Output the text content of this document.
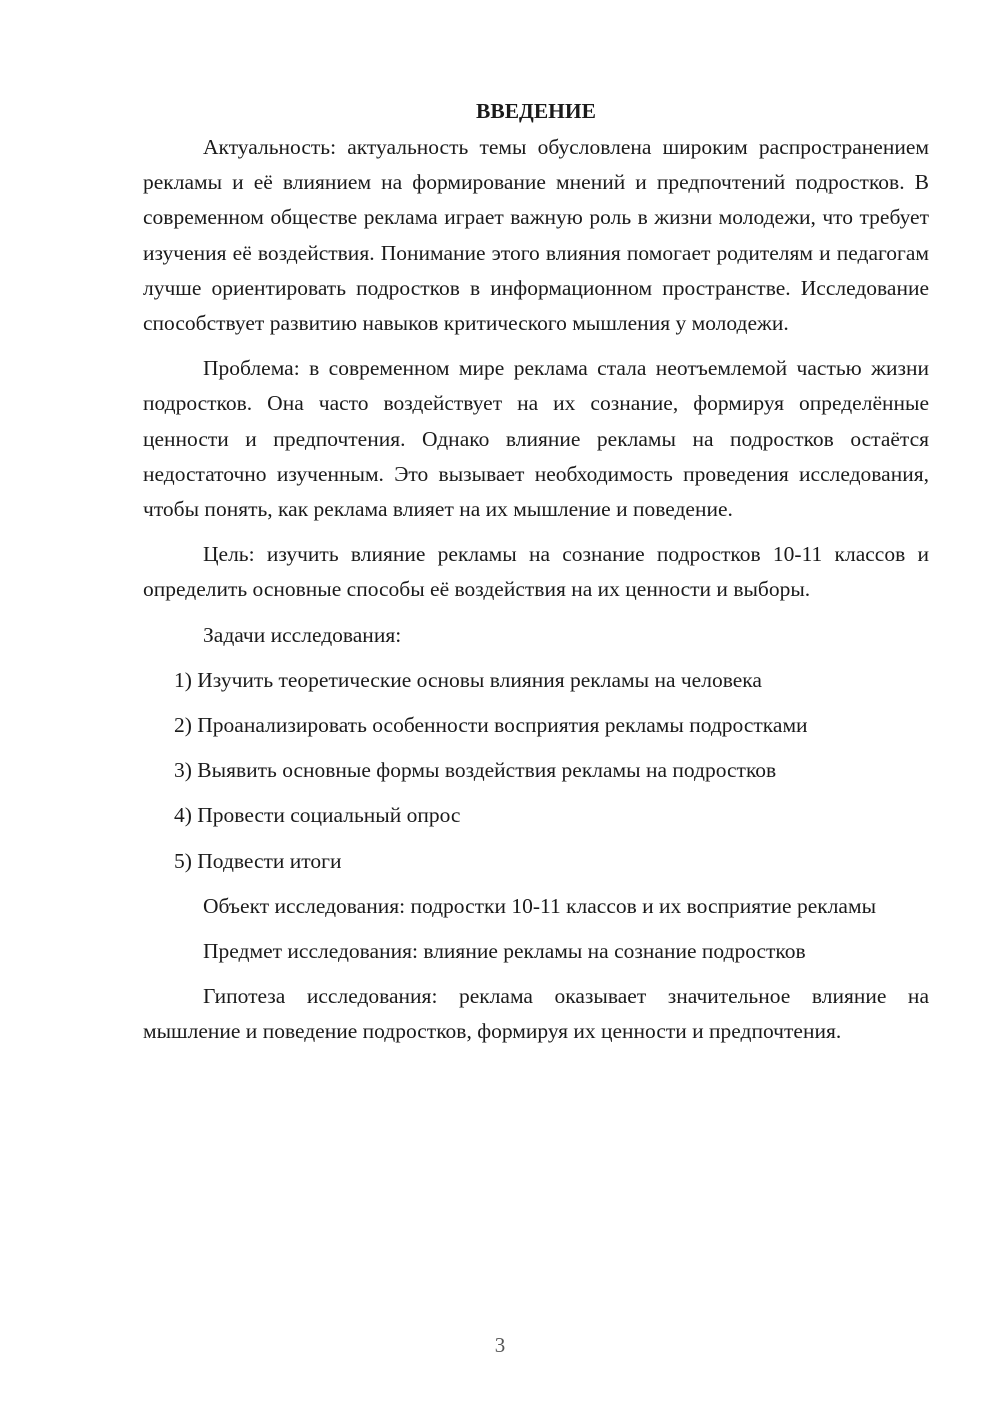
ВВЕДЕНИЕ

Актуальность: актуальность темы обусловлена широким распространением рекламы и её влиянием на формирование мнений и предпочтений подростков. В современном обществе реклама играет важную роль в жизни молодежи, что требует изучения её воздействия. Понимание этого влияния помогает родителям и педагогам лучше ориентировать подростков в информационном пространстве. Исследование способствует развитию навыков критического мышления у молодежи.

Проблема: в современном мире реклама стала неотъемлемой частью жизни подростков. Она часто воздействует на их сознание, формируя определённые ценности и предпочтения. Однако влияние рекламы на подростков остаётся недостаточно изученным. Это вызывает необходимость проведения исследования, чтобы понять, как реклама влияет на их мышление и поведение.

Цель: изучить влияние рекламы на сознание подростков 10-11 классов и определить основные способы её воздействия на их ценности и выборы.

Задачи исследования:

1) Изучить теоретические основы влияния рекламы на человека
2) Проанализировать особенности восприятия рекламы подростками
3) Выявить основные формы воздействия рекламы на подростков
4) Провести социальный опрос
5) Подвести итоги

Объект исследования: подростки 10-11 классов и их восприятие рекламы

Предмет исследования: влияние рекламы на сознание подростков

Гипотеза исследования: реклама оказывает значительное влияние на мышление и поведение подростков, формируя их ценности и предпочтения.

3
